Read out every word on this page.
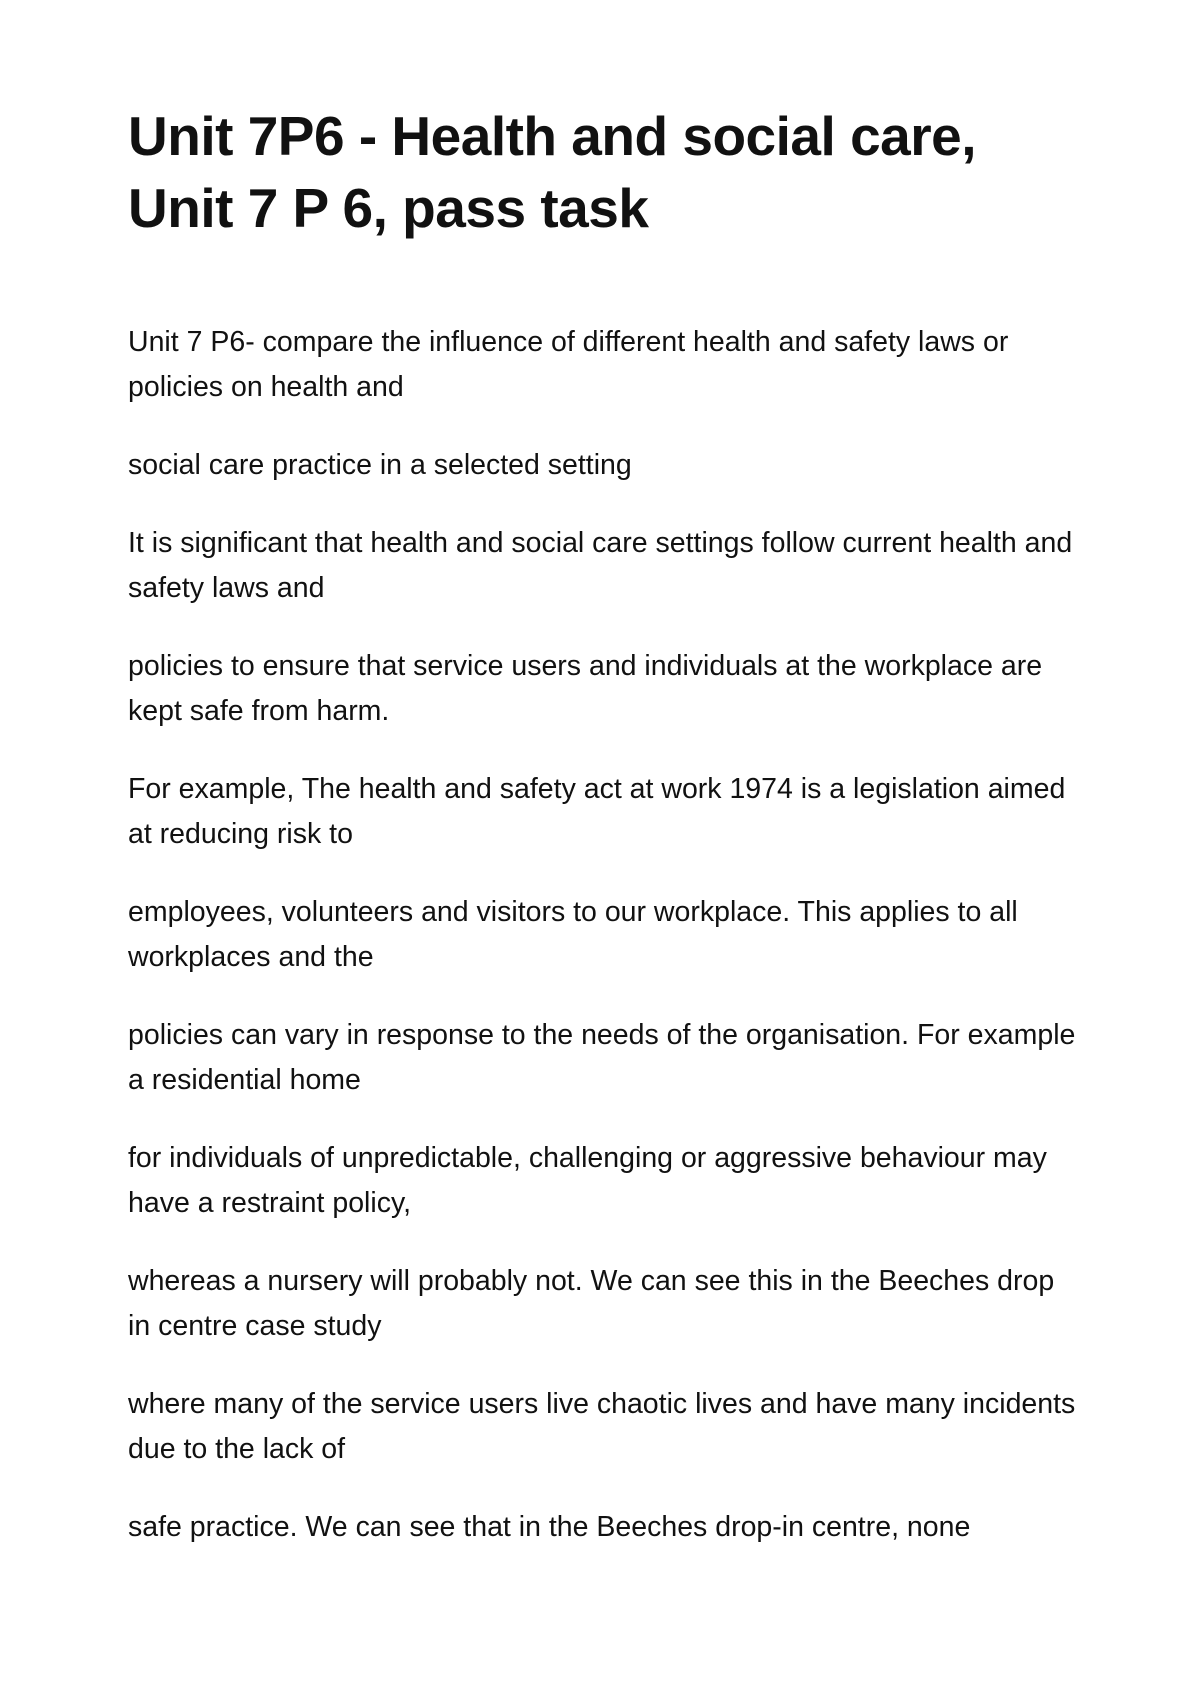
Unit 7P6 - Health and social care, Unit 7 P 6, pass task

Unit 7 P6- compare the influence of different health and safety laws or policies on health and

social care practice in a selected setting

It is significant that health and social care settings follow current health and safety laws and

policies to ensure that service users and individuals at the workplace are kept safe from harm.

For example, The health and safety act at work 1974 is a legislation aimed at reducing risk to

employees, volunteers and visitors to our workplace. This applies to all workplaces and the

policies can vary in response to the needs of the organisation. For example a residential home

for individuals of unpredictable, challenging or aggressive behaviour may have a restraint policy,

whereas a nursery will probably not. We can see this in the Beeches drop in centre case study

where many of the service users live chaotic lives and have many incidents due to the lack of

safe practice. We can see that in the Beeches drop-in centre, none
